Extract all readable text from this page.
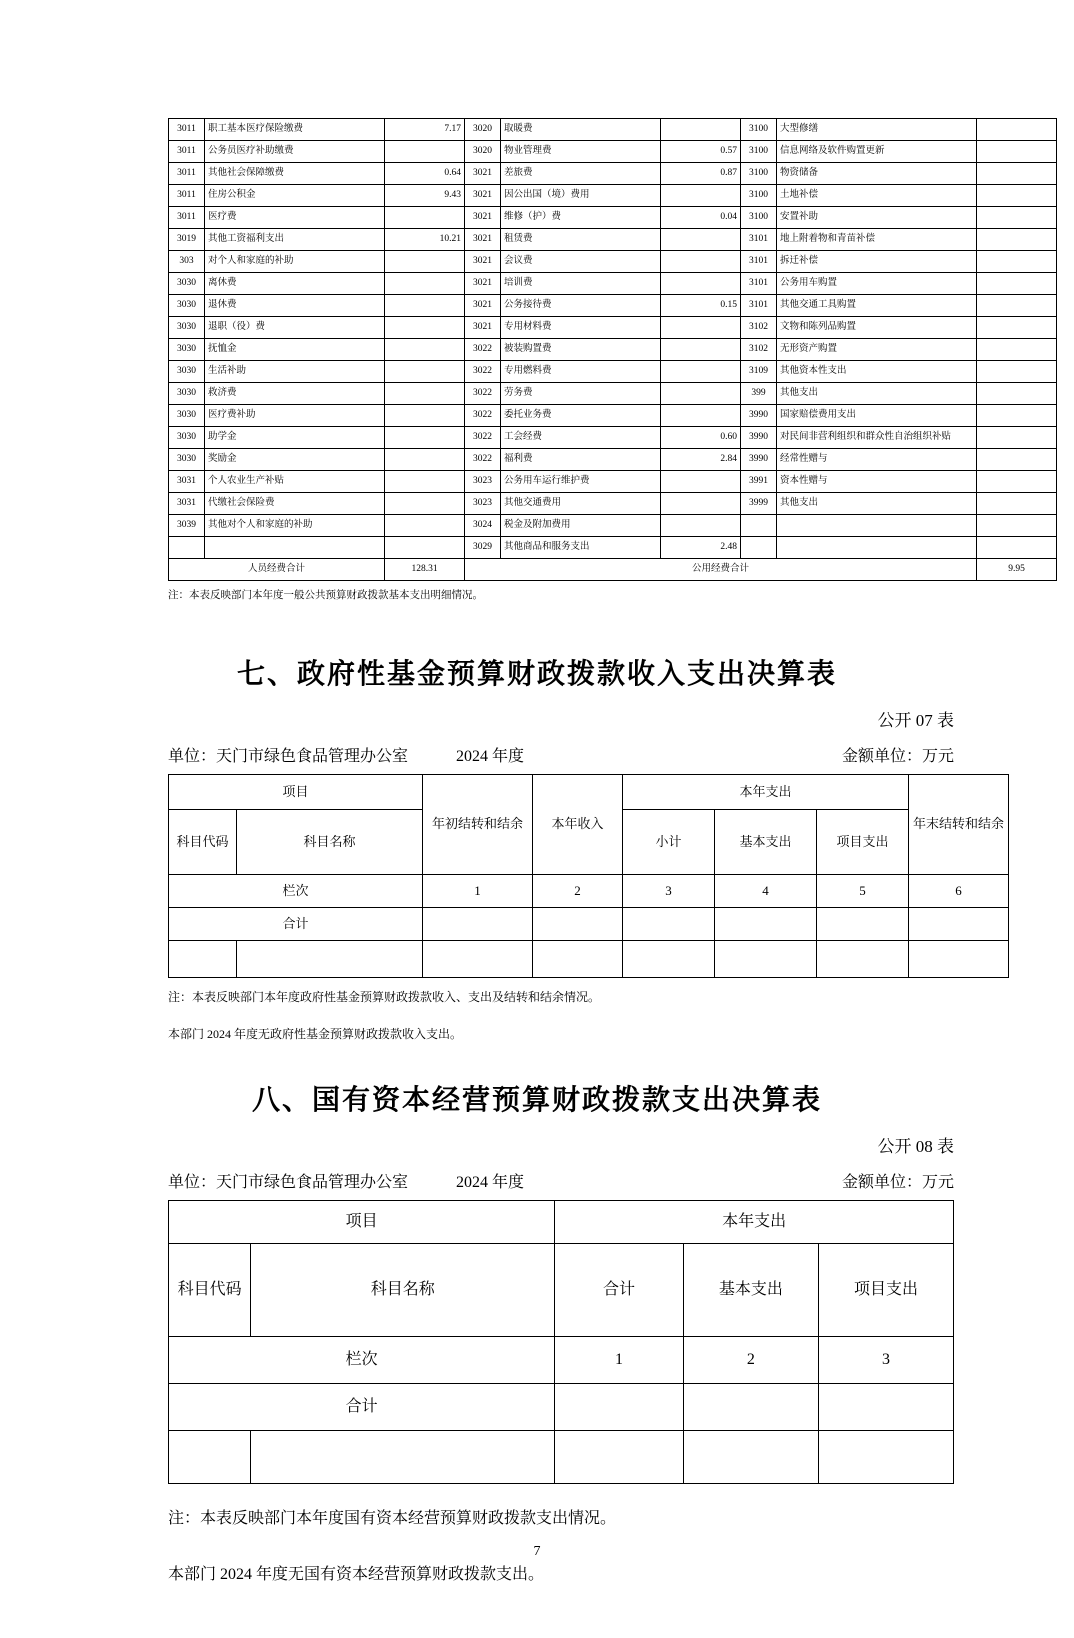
3011	职工基本医疗保险缴费	7.17	3020	取暖费		3100	大型修缮	
3011	公务员医疗补助缴费		3020	物业管理费	0.57	3100	信息网络及软件购置更新	
3011	其他社会保障缴费	0.64	3021	差旅费	0.87	3100	物资储备	
3011	住房公积金	9.43	3021	因公出国（境）费用		3100	土地补偿	
3011	医疗费		3021	维修（护）费	0.04	3100	安置补助	
3019	其他工资福利支出	10.21	3021	租赁费		3101	地上附着物和青苗补偿	
303	对个人和家庭的补助		3021	会议费		3101	拆迁补偿	
3030	离休费		3021	培训费		3101	公务用车购置	
3030	退休费		3021	公务接待费	0.15	3101	其他交通工具购置	
3030	退职（役）费		3021	专用材料费		3102	文物和陈列品购置	
3030	抚恤金		3022	被装购置费		3102	无形资产购置	
3030	生活补助		3022	专用燃料费		3109	其他资本性支出	
3030	救济费		3022	劳务费		399	其他支出	
3030	医疗费补助		3022	委托业务费		3990	国家赔偿费用支出	
3030	助学金		3022	工会经费	0.60	3990	对民间非营利组织和群众性自治组织补贴	
3030	奖励金		3022	福利费	2.84	3990	经常性赠与	
3031	个人农业生产补贴		3023	公务用车运行维护费		3991	资本性赠与	
3031	代缴社会保险费		3023	其他交通费用		3999	其他支出	
3039	其他对个人和家庭的补助		3024	税金及附加费用				
			3029	其他商品和服务支出	2.48			
人员经费合计		128.31	公用经费合计					9.95
注：本表反映部门本年度一般公共预算财政拨款基本支出明细情况。
七、政府性基金预算财政拨款收入支出决算表
公开 07 表
单位：天门市绿色食品管理办公室	2024 年度	金额单位：万元
项目		年初结转和结余	本年收入	本年支出			年末结转和结余
科目代码	科目名称			小计	基本支出	项目支出	
栏次		1	2	3	4	5	6
合计							

注：本表反映部门本年度政府性基金预算财政拨款收入、支出及结转和结余情况。
本部门 2024 年度无政府性基金预算财政拨款收入支出。
八、国有资本经营预算财政拨款支出决算表
公开 08 表
单位：天门市绿色食品管理办公室	2024 年度	金额单位：万元
项目		本年支出		
科目代码	科目名称	合计	基本支出	项目支出
栏次		1	2	3
合计				

注：本表反映部门本年度国有资本经营预算财政拨款支出情况。
本部门 2024 年度无国有资本经营预算财政拨款支出。
7
